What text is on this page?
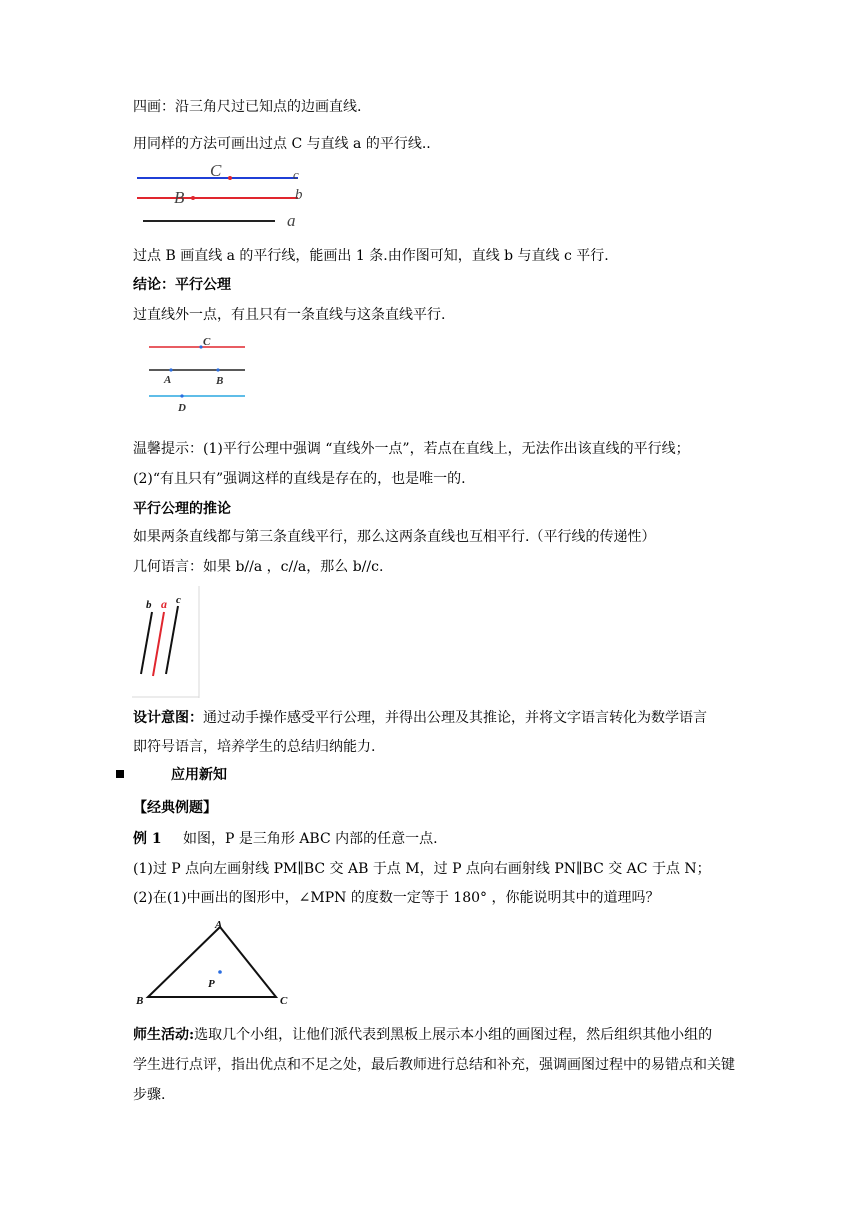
四画：沿三角尺过已知点的边画直线.
用同样的方法可画出过点 C 与直线 a 的平行线..
C
B
c
b
a
过点 B 画直线 a 的平行线，能画出 1 条.由作图可知，直线 b 与直线 c 平行.
结论：平行公理
过直线外一点，有且只有一条直线与这条直线平行.
C
A	B
D
温馨提示：(1)平行公理中强调 “直线外一点”，若点在直线上，无法作出该直线的平行线；
(2)“有且只有”强调这样的直线是存在的，也是唯一的.
平行公理的推论
如果两条直线都与第三条直线平行，那么这两条直线也互相平行.（平行线的传递性）
几何语言：如果 b//a ，c//a，那么 b//c.
b a c
设计意图：通过动手操作感受平行公理，并得出公理及其推论，并将文字语言转化为数学语言
即符号语言，培养学生的总结归纳能力.
应用新知
【经典例题】
例 1 如图，P 是三角形 ABC 内部的任意一点.
(1)过 P 点向左画射线 PM∥BC 交 AB 于点 M，过 P 点向右画射线 PN∥BC 交 AC 于点 N；
(2)在(1)中画出的图形中，∠MPN 的度数一定等于 180° ，你能说明其中的道理吗？
A
B	C
P
师生活动:选取几个小组，让他们派代表到黑板上展示本小组的画图过程，然后组织其他小组的
学生进行点评，指出优点和不足之处，最后教师进行总结和补充，强调画图过程中的易错点和关键
步骤.
